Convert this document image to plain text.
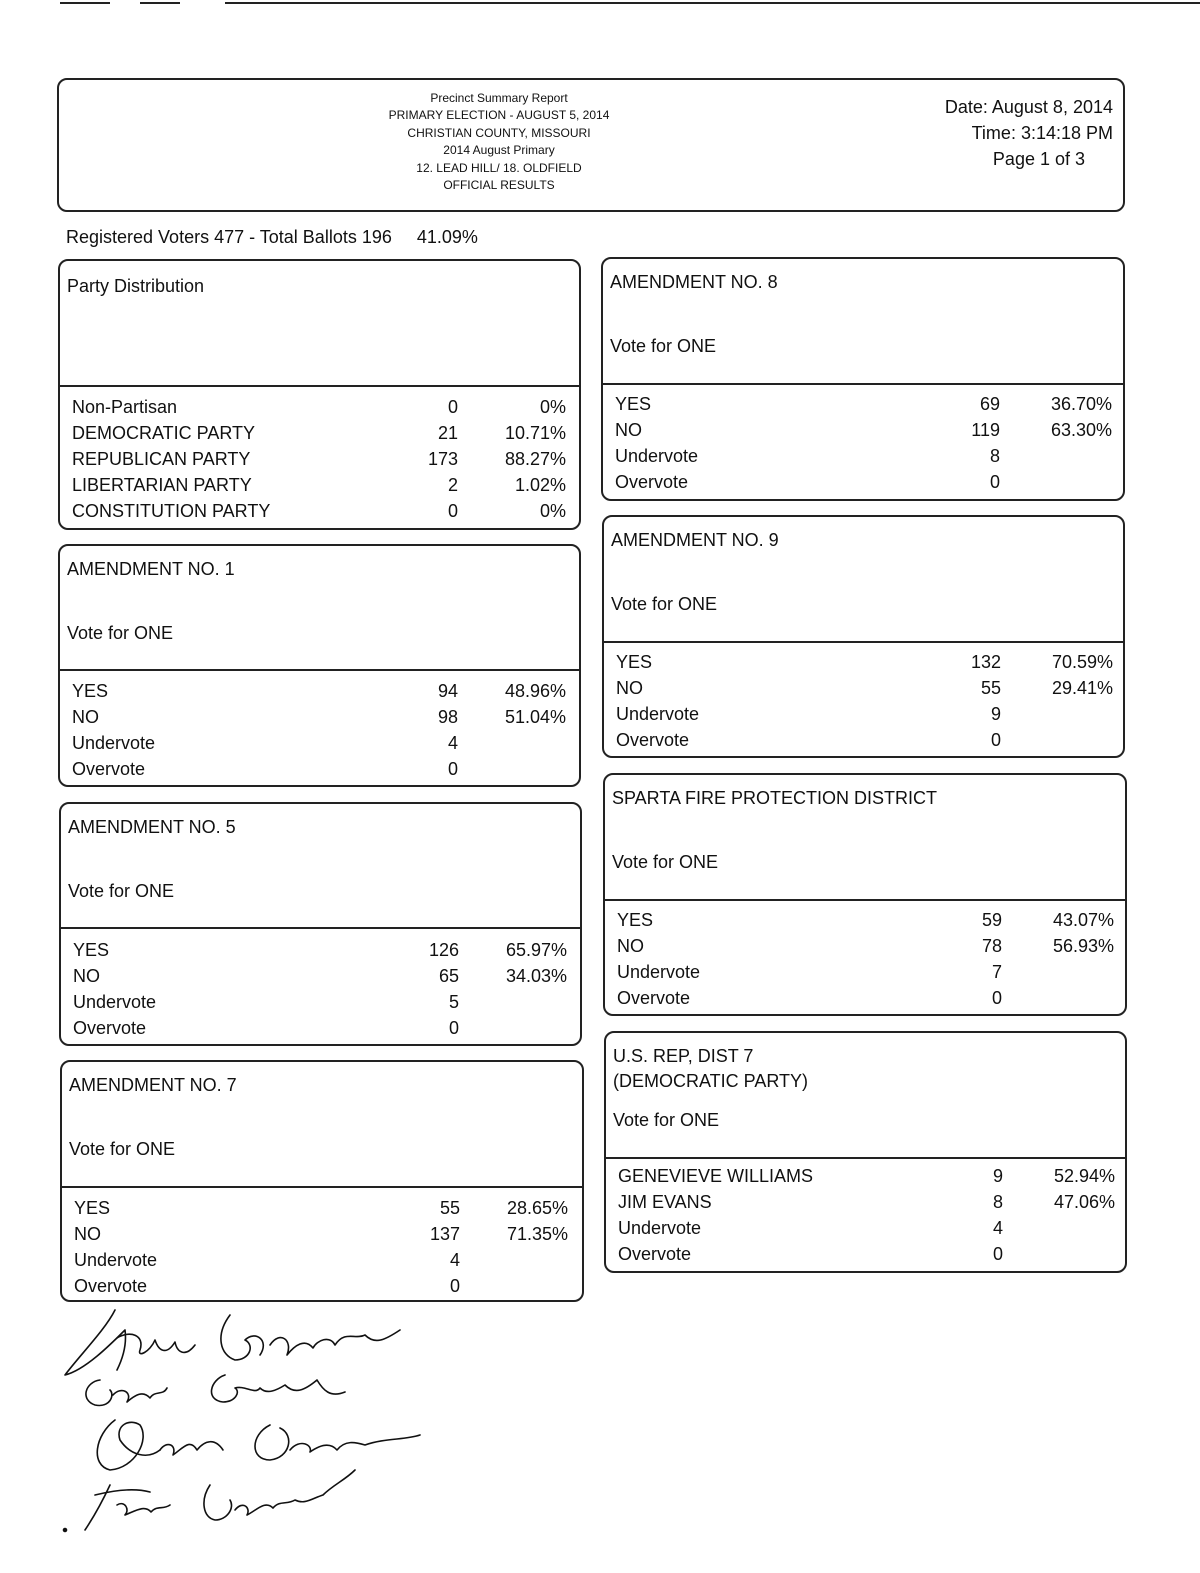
Precinct Summary Report
PRIMARY ELECTION - AUGUST 5, 2014
CHRISTIAN COUNTY, MISSOURI
2014 August Primary
12. LEAD HILL/ 18. OLDFIELD
OFFICIAL RESULTS
Date: August 8, 2014
Time: 3:14:18 PM
Page 1 of 3
Registered Voters 477 - Total Ballots 196 41.09%
Party Distribution
Non-Partisan	0	0%
DEMOCRATIC PARTY	21	10.71%
REPUBLICAN PARTY	173	88.27%
LIBERTARIAN PARTY	2	1.02%
CONSTITUTION PARTY	0	0%
AMENDMENT NO. 1
Vote for ONE
YES	94	48.96%
NO	98	51.04%
Undervote	4	
Overvote	0	
AMENDMENT NO. 5
Vote for ONE
YES	126	65.97%
NO	65	34.03%
Undervote	5	
Overvote	0	
AMENDMENT NO. 7
Vote for ONE
YES	55	28.65%
NO	137	71.35%
Undervote	4	
Overvote	0	
AMENDMENT NO. 8
Vote for ONE
YES	69	36.70%
NO	119	63.30%
Undervote	8	
Overvote	0	
AMENDMENT NO. 9
Vote for ONE
YES	132	70.59%
NO	55	29.41%
Undervote	9	
Overvote	0	
SPARTA FIRE PROTECTION DISTRICT
Vote for ONE
YES	59	43.07%
NO	78	56.93%
Undervote	7	
Overvote	0	
U.S. REP, DIST 7
(DEMOCRATIC PARTY)
Vote for ONE
GENEVIEVE WILLIAMS	9	52.94%
JIM EVANS	8	47.06%
Undervote	4	
Overvote	0	
